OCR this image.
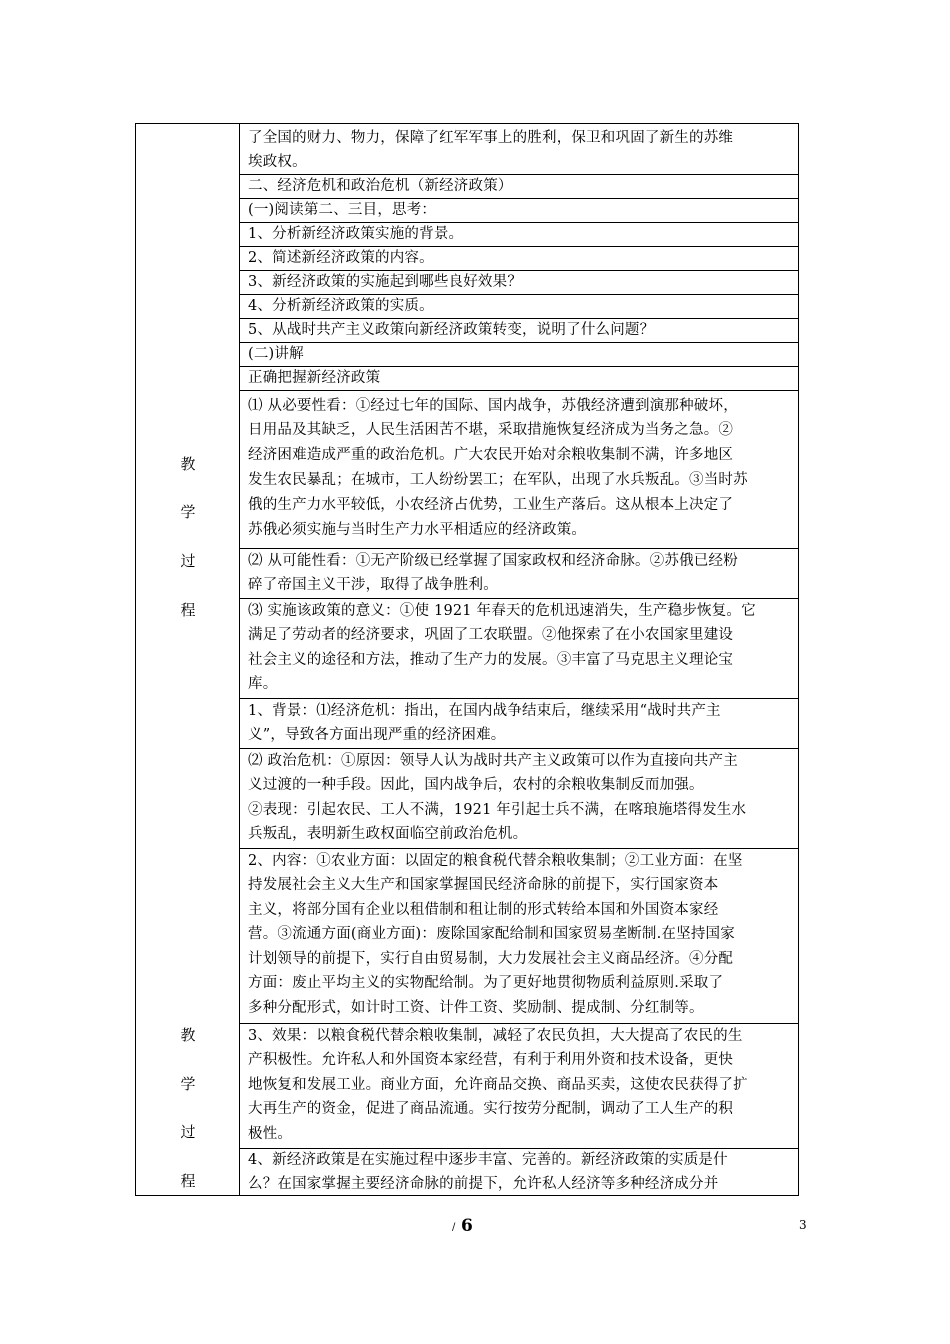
教
学
过
程
教
学
过
程
了全国的财力、物力，保障了红军军事上的胜利，保卫和巩固了新生的苏维
埃政权。
二、经济危机和政治危机（新经济政策）
(一)阅读第二、三目，思考：
1、分析新经济政策实施的背景。
2、简述新经济政策的内容。
3、新经济政策的实施起到哪些良好效果？
4、分析新经济政策的实质。
5、从战时共产主义政策向新经济政策转变，说明了什么问题？
(二)讲解
正确把握新经济政策
⑴ 从必要性看：①经过七年的国际、国内战争，苏俄经济遭到演那种破坏，
日用品及其缺乏，人民生活困苦不堪，采取措施恢复经济成为当务之急。②
经济困难造成严重的政治危机。广大农民开始对余粮收集制不满，许多地区
发生农民暴乱；在城市，工人纷纷罢工；在军队，出现了水兵叛乱。③当时苏
俄的生产力水平较低，小农经济占优势，工业生产落后。这从根本上决定了
苏俄必须实施与当时生产力水平相适应的经济政策。
⑵ 从可能性看：①无产阶级已经掌握了国家政权和经济命脉。②苏俄已经粉
碎了帝国主义干涉，取得了战争胜利。
⑶ 实施该政策的意义：①使 1921 年春天的危机迅速消失，生产稳步恢复。它
满足了劳动者的经济要求，巩固了工农联盟。②他探索了在小农国家里建设
社会主义的途径和方法，推动了生产力的发展。③丰富了马克思主义理论宝
库。
1、背景：⑴经济危机：指出，在国内战争结束后，继续采用“战时共产主
义”，导致各方面出现严重的经济困难。
⑵ 政治危机：①原因：领导人认为战时共产主义政策可以作为直接向共产主
义过渡的一种手段。因此，国内战争后，农村的余粮收集制反而加强。
②表现：引起农民、工人不满，1921 年引起士兵不满，在喀琅施塔得发生水
兵叛乱，表明新生政权面临空前政治危机。
2、内容：①农业方面：以固定的粮食税代替余粮收集制；②工业方面：在坚
持发展社会主义大生产和国家掌握国民经济命脉的前提下，实行国家资本
主义，将部分国有企业以租借制和租让制的形式转给本国和外国资本家经
营。③流通方面(商业方面)：废除国家配给制和国家贸易垄断制.在坚持国家
计划领导的前提下，实行自由贸易制，大力发展社会主义商品经济。④分配
方面：废止平均主义的实物配给制。为了更好地贯彻物质利益原则.采取了
多种分配形式，如计时工资、计件工资、奖励制、提成制、分红制等。
3、效果：以粮食税代替余粮收集制，减轻了农民负担，大大提高了农民的生
产积极性。允许私人和外国资本家经营，有利于利用外资和技术设备，更快
地恢复和发展工业。商业方面，允许商品交换、商品买卖，这使农民获得了扩
大再生产的资金，促进了商品流通。实行按劳分配制，调动了工人生产的积
极性。
4、新经济政策是在实施过程中逐步丰富、完善的。新经济政策的实质是什
么？在国家掌握主要经济命脉的前提下，允许私人经济等多种经济成分并
/ 6	3
